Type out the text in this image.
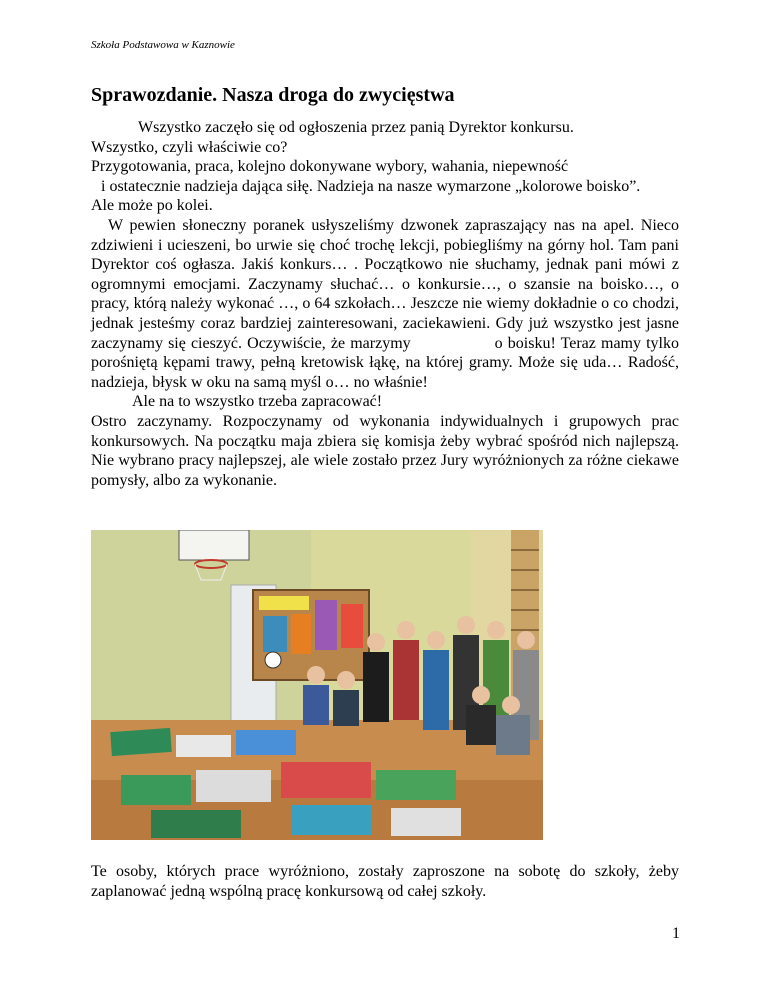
Szkoła Podstawowa w Kaznowie
Sprawozdanie. Nasza droga do zwycięstwa

Wszystko zaczęło się od ogłoszenia przez panią Dyrektor konkursu.

Wszystko, czyli właściwie co?

Przygotowania, praca, kolejno dokonywane wybory, wahania, niepewność

i ostatecznie nadzieja dająca siłę. Nadzieja na nasze wymarzone „kolorowe boisko”.

Ale może po kolei.

W pewien słoneczny poranek usłyszeliśmy dzwonek zapraszający nas na apel. Nieco zdziwieni i ucieszeni, bo urwie się choć trochę lekcji, pobiegliśmy na górny hol. Tam pani Dyrektor coś ogłasza. Jakiś konkurs… . Początkowo nie słuchamy, jednak pani mówi z ogromnymi emocjami. Zaczynamy słuchać… o konkursie…, o szansie na boisko…, o pracy, którą należy wykonać …, o 64 szkołach… Jeszcze nie wiemy dokładnie o co chodzi, jednak jesteśmy coraz bardziej zainteresowani, zaciekawieni. Gdy już wszystko jest jasne zaczynamy się cieszyć. Oczywiście, że marzymy	o boisku! Teraz mamy tylko porośniętą kępami trawy, pełną kretowisk łąkę, na której gramy. Może się uda… Radość, nadzieja, błysk w oku na samą myśl o… no właśnie!

Ale na to wszystko trzeba zapracować!

Ostro zaczynamy. Rozpoczynamy od wykonania indywidualnych i grupowych prac konkursowych. Na początku maja zbiera się komisja żeby wybrać spośród nich najlepszą. Nie wybrano pracy najlepszej, ale wiele zostało przez Jury wyróżnionych za różne ciekawe pomysły, albo za wykonanie.

Te osoby, których prace wyróżniono, zostały zaproszone na sobotę do szkoły, żeby zaplanować jedną wspólną pracę konkursową od całej szkoły.

1
